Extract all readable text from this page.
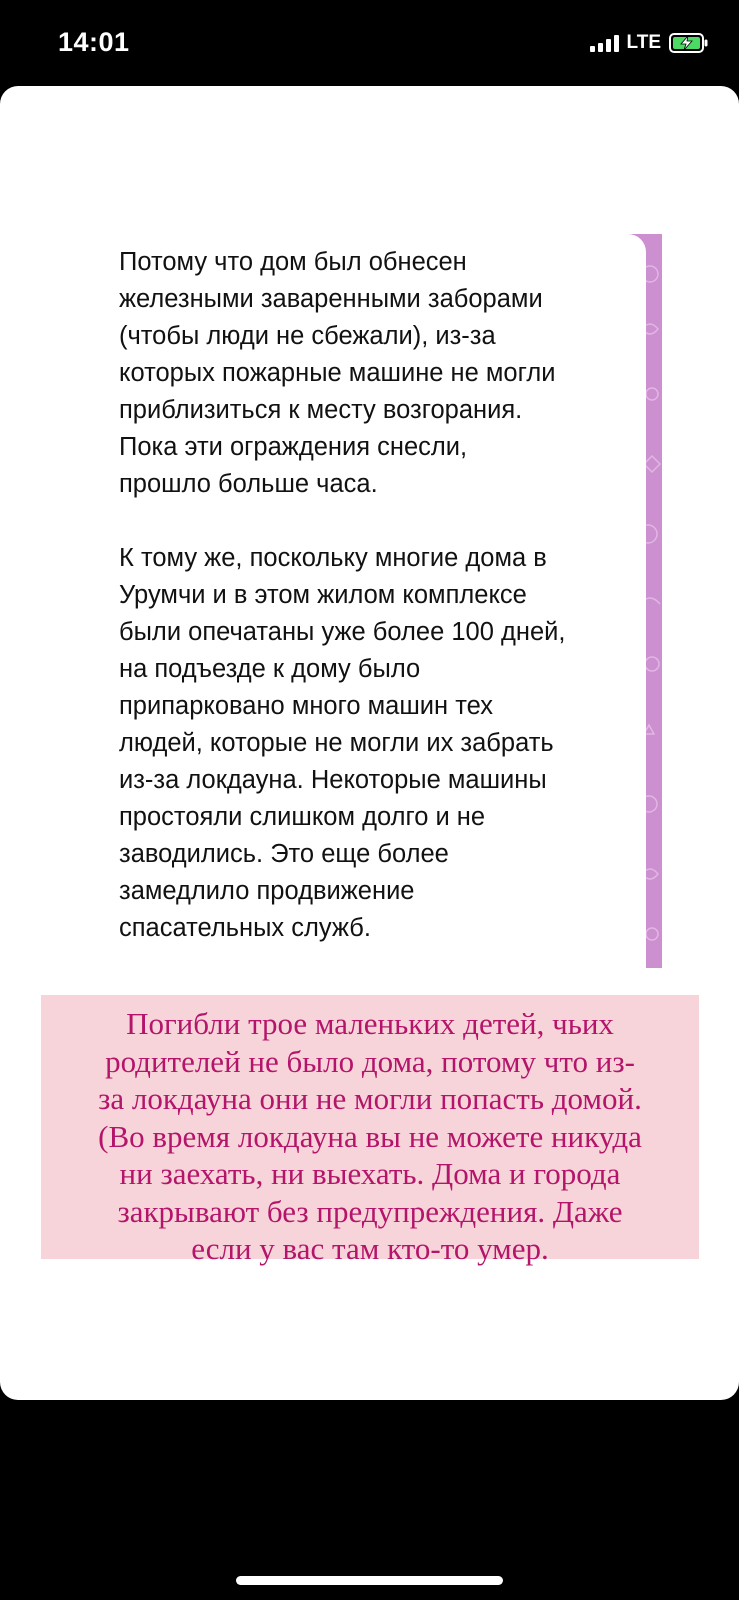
14:01	LTE
Потому что дом был обнесен
железными заваренными заборами
(чтобы люди не сбежали), из-за
которых пожарные машине не могли
приблизиться к месту возгорания.
Пока эти ограждения снесли,
прошло больше часа.

К тому же, поскольку многие дома в
Урумчи и в этом жилом комплексе
были опечатаны уже более 100 дней,
на подъезде к дому было
припарковано много машин тех
людей, которые не могли их забрать
из-за локдауна. Некоторые машины
простояли слишком долго и не
заводились. Это еще более
замедлило продвижение
спасательных служб.

Погибли трое маленьких детей, чьих
родителей не было дома, потому что из-
за локдауна они не могли попасть домой.
(Во время локдауна вы не можете никуда
ни заехать, ни выехать. Дома и города
закрывают без предупреждения. Даже
если у вас там кто-то умер.
